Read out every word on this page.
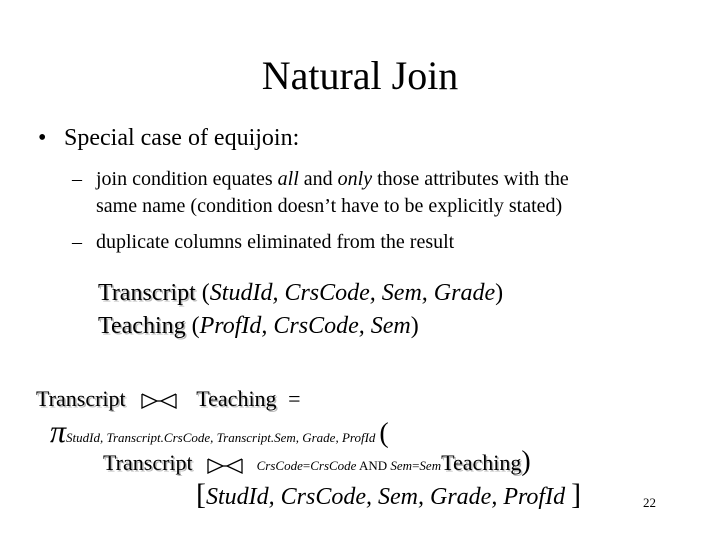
Natural Join
• Special case of equijoin:
– join condition equates all and only those attributes with the
same name (condition doesn’t have to be explicitly stated)
– duplicate columns eliminated from the result
Transcript (StudId, CrsCode, Sem, Grade)
Teaching (ProfId, CrsCode, Sem)
Transcript	Teaching =
πStudId, Transcript.CrsCode, Transcript.Sem, Grade, ProfId (
Transcript	CrsCode=CrsCode AND Sem=SemTeaching)
[StudId, CrsCode, Sem, Grade, ProfId ]	22
